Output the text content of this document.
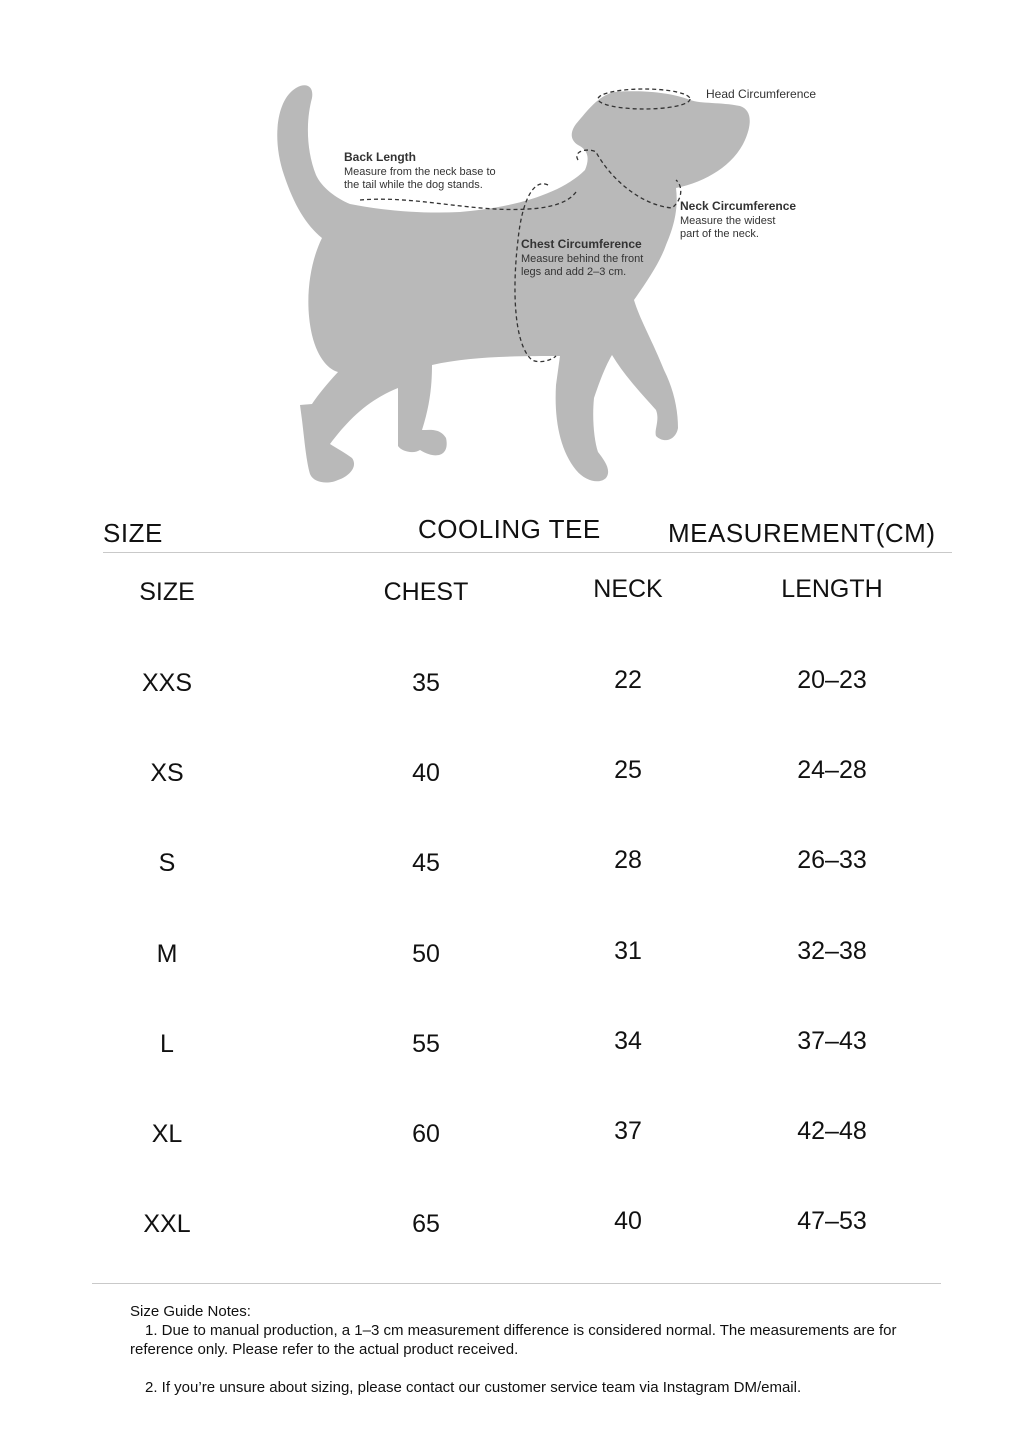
Head Circumference
Back Length
Measure from the neck base to
the tail while the dog stands.
Neck Circumference
Measure the widest
part of the neck.
Chest Circumference
Measure behind the front
legs and add 2–3 cm.
SIZE	COOLING TEE	MEASUREMENT(CM)
SIZE	CHEST	NECK	LENGTH
XXS	35	22	20–23
XS	40	25	24–28
S	45	28	26–33
M	50	31	32–38
L	55	34	37–43
XL	60	37	42–48
XXL	65	40	47–53

Size Guide Notes:

1. Due to manual production, a 1–3 cm measurement difference is considered normal. The measurements are for reference only. Please refer to the actual product received.

2. If you’re unsure about sizing, please contact our customer service team via Instagram DM/email.
